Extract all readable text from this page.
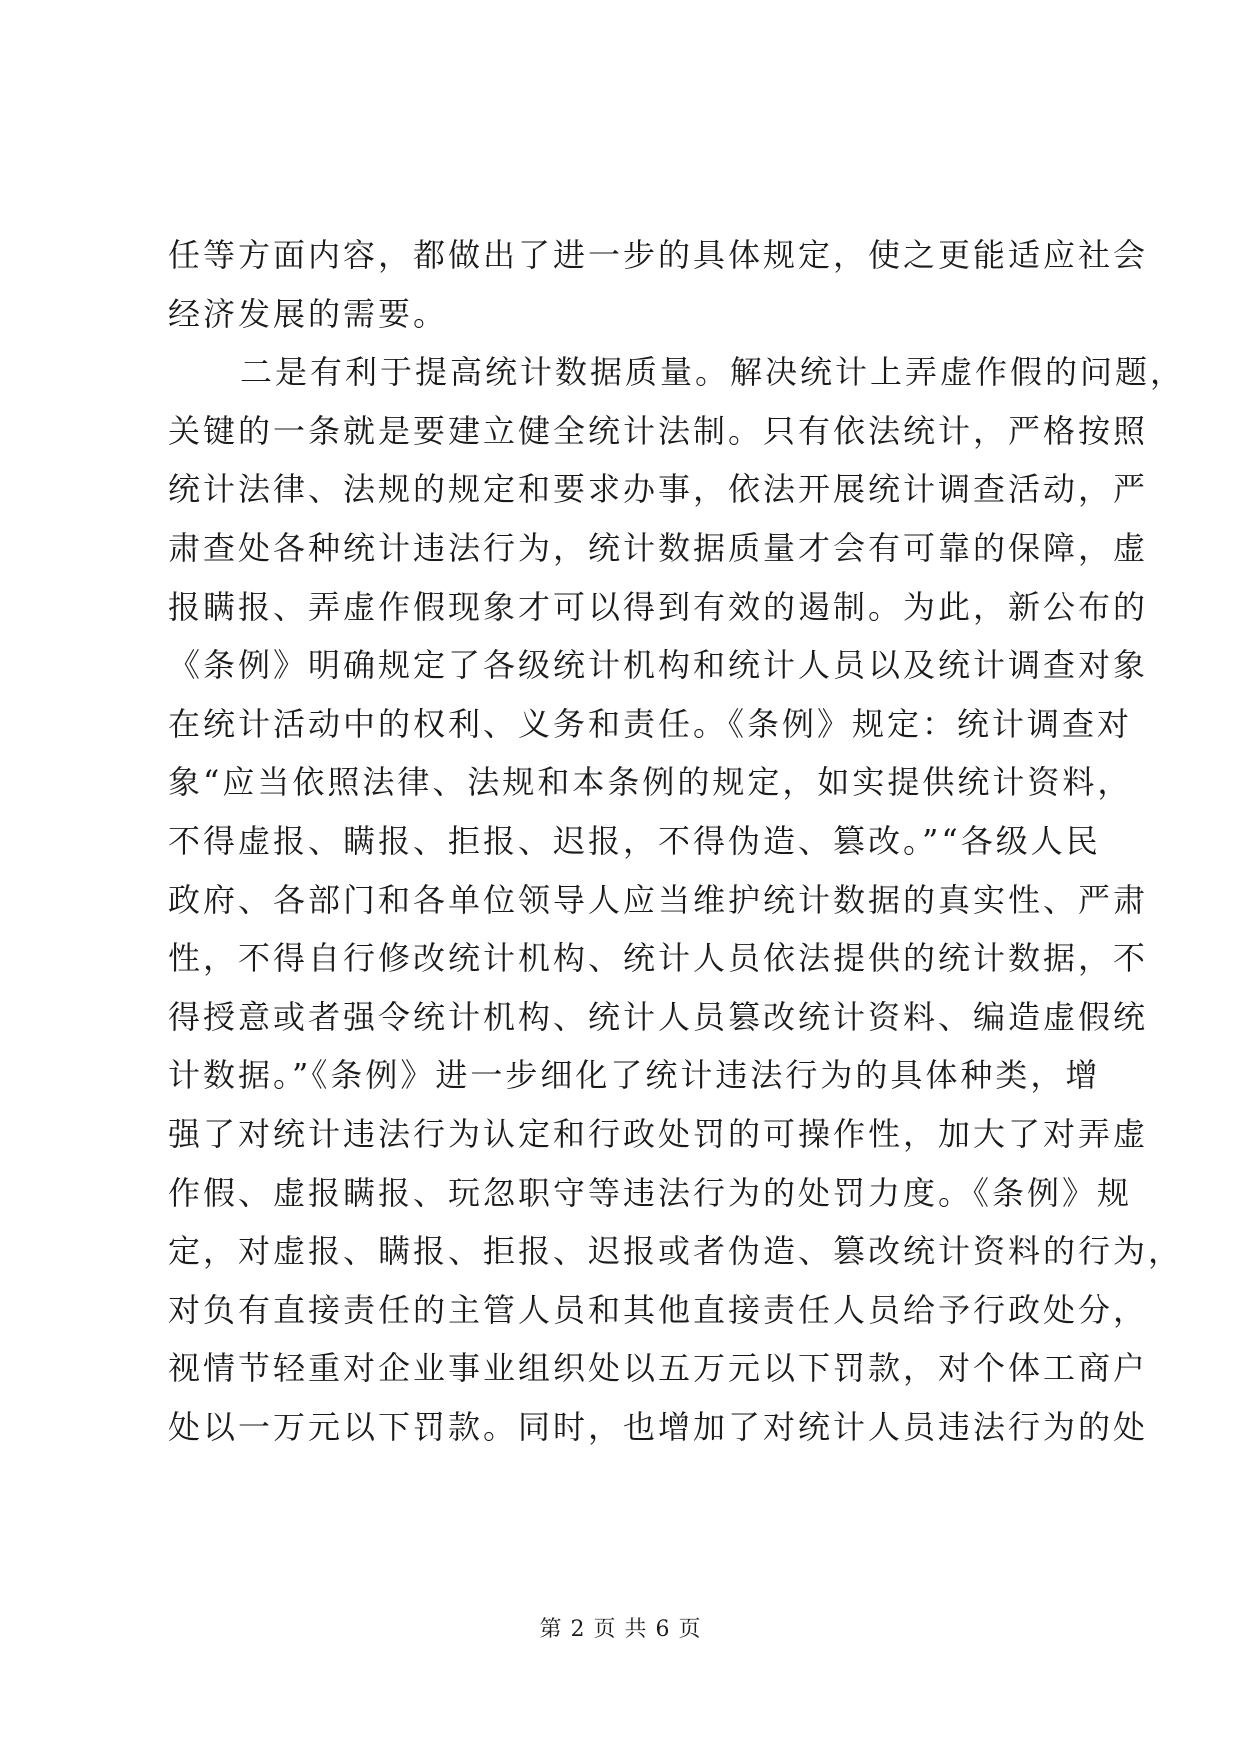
任等方面内容，都做出了进一步的具体规定，使之更能适应社会
经济发展的需要。
二是有利于提高统计数据质量。解决统计上弄虚作假的问题，
关键的一条就是要建立健全统计法制。只有依法统计，严格按照
统计法律、法规的规定和要求办事，依法开展统计调查活动，严
肃查处各种统计违法行为，统计数据质量才会有可靠的保障，虚
报瞒报、弄虚作假现象才可以得到有效的遏制。为此，新公布的
《条例》明确规定了各级统计机构和统计人员以及统计调查对象
在统计活动中的权利、义务和责任。《条例》规定：统计调查对
象“应当依照法律、法规和本条例的规定，如实提供统计资料，
不得虚报、瞒报、拒报、迟报，不得伪造、篡改。”“各级人民
政府、各部门和各单位领导人应当维护统计数据的真实性、严肃
性，不得自行修改统计机构、统计人员依法提供的统计数据，不
得授意或者强令统计机构、统计人员篡改统计资料、编造虚假统
计数据。”《条例》进一步细化了统计违法行为的具体种类，增
强了对统计违法行为认定和行政处罚的可操作性，加大了对弄虚
作假、虚报瞒报、玩忽职守等违法行为的处罚力度。《条例》规
定，对虚报、瞒报、拒报、迟报或者伪造、篡改统计资料的行为，
对负有直接责任的主管人员和其他直接责任人员给予行政处分，
视情节轻重对企业事业组织处以五万元以下罚款，对个体工商户
处以一万元以下罚款。同时，也增加了对统计人员违法行为的处
第 2 页 共 6 页
